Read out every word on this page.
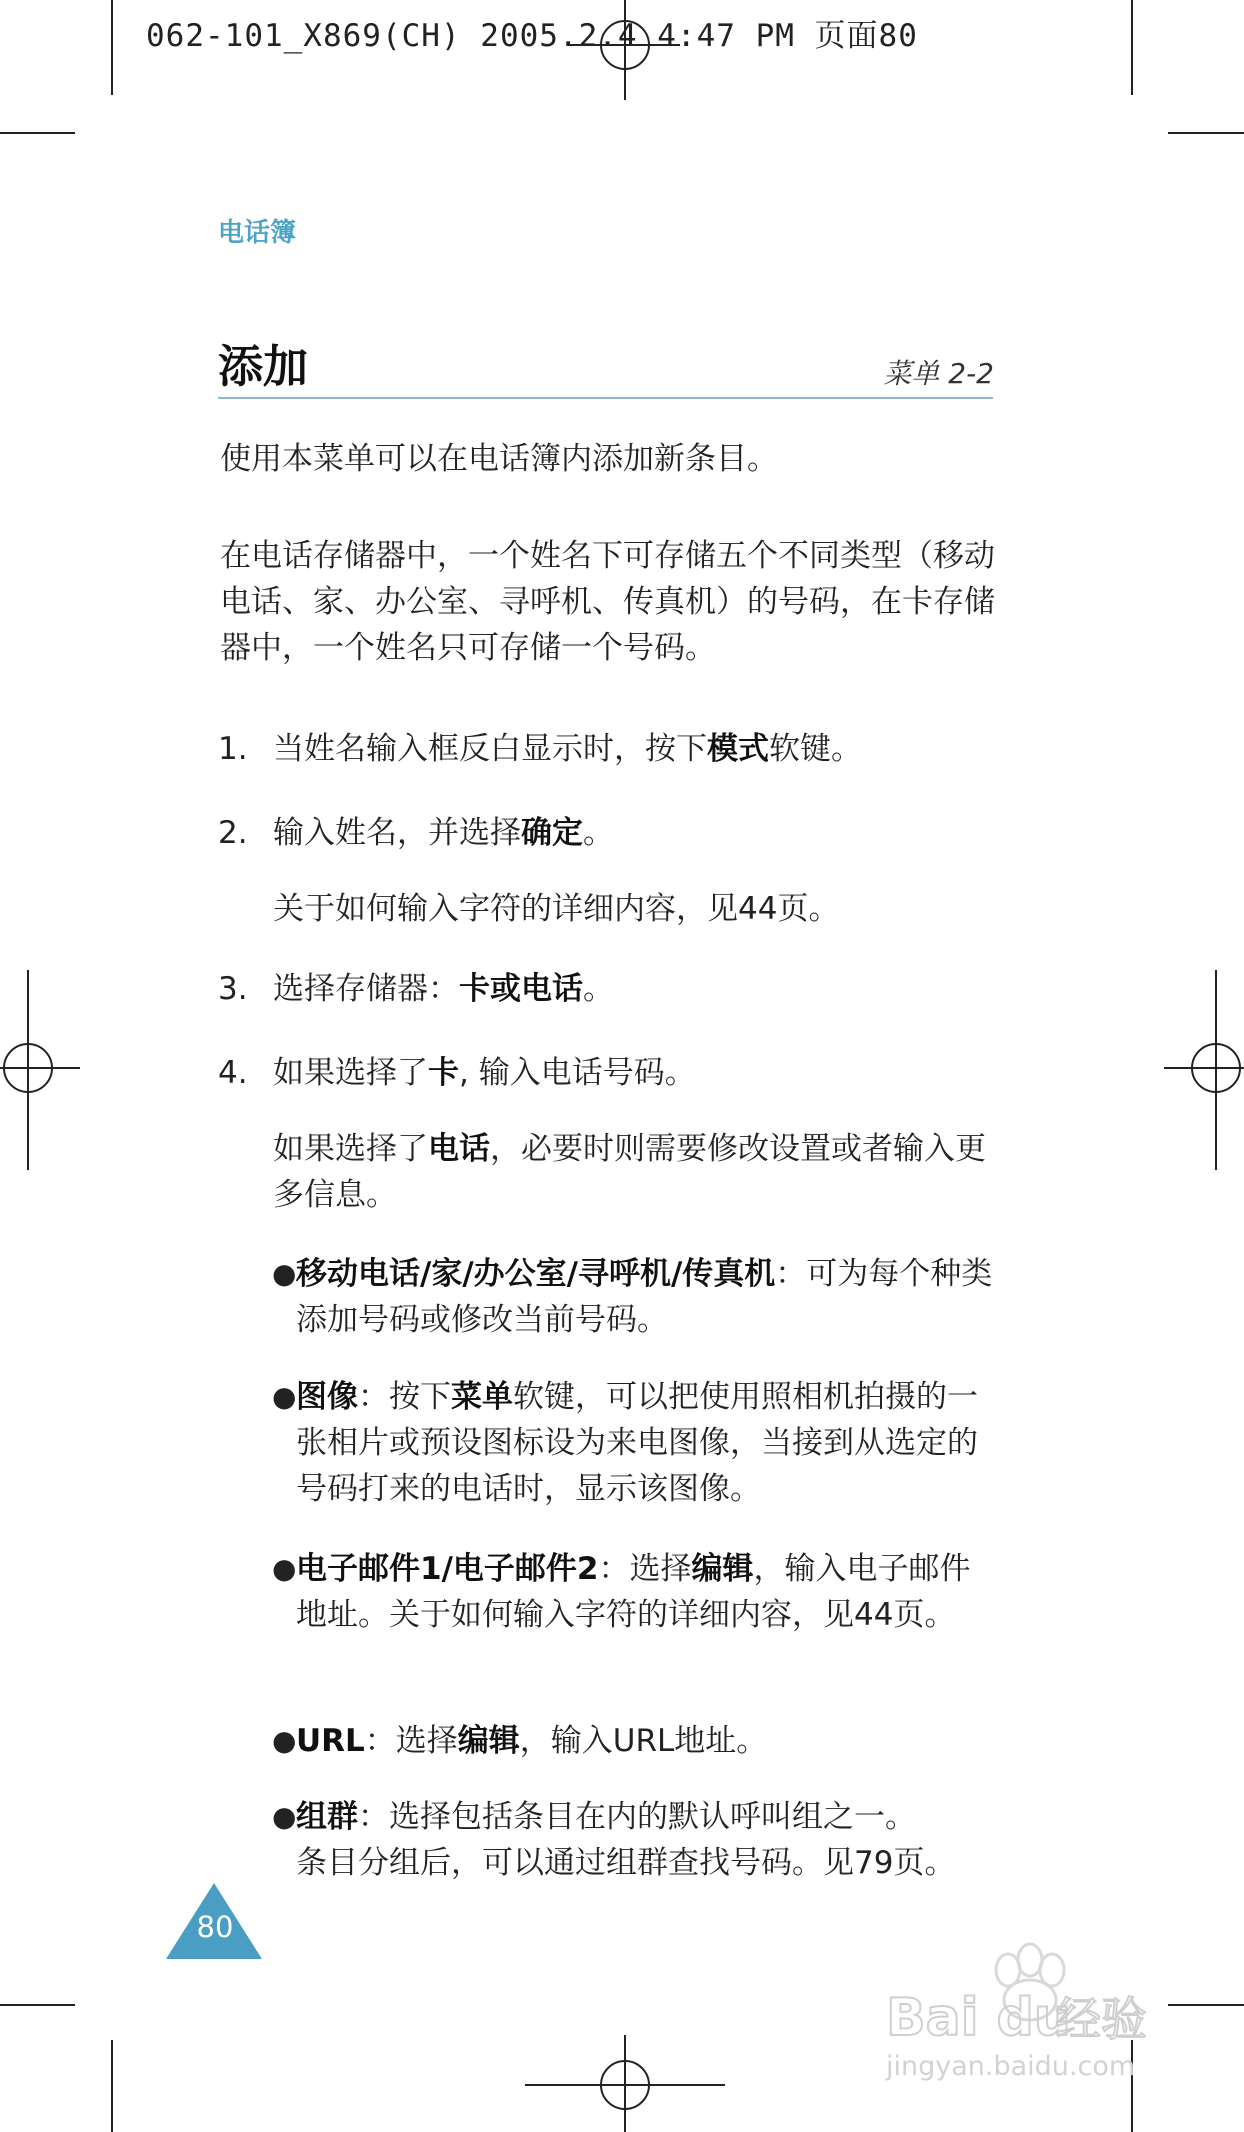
062-101_X869(CH) 2005.2.4 4:47 PM 页面80
电话簿
添加	菜单 2-2

使用本菜单可以在电话簿内添加新条目。

在电话存储器中，一个姓名下可存储五个不同类型（移动电话、家、办公室、寻呼机、传真机）的号码，在卡存储器中，一个姓名只可存储一个号码。

1. 当姓名输入框反白显示时，按下模式软键。
2. 输入姓名，并选择确定。
关于如何输入字符的详细内容，见44页。
3. 选择存储器：卡或电话。
4. 如果选择了卡, 输入电话号码。
如果选择了电话，必要时则需要修改设置或者输入更多信息。
● 移动电话/家/办公室/寻呼机/传真机：可为每个种类添加号码或修改当前号码。
● 图像：按下菜单软键，可以把使用照相机拍摄的一张相片或预设图标设为来电图像，当接到从选定的号码打来的电话时，显示该图像。
● 电子邮件1/电子邮件2：选择编辑，输入电子邮件地址。关于如何输入字符的详细内容，见44页。
● URL：选择编辑，输入URL地址。
● 组群：选择包括条目在内的默认呼叫组之一。
条目分组后，可以通过组群查找号码。见79页。
80
Bai du
经验
jingyan.baidu.com
